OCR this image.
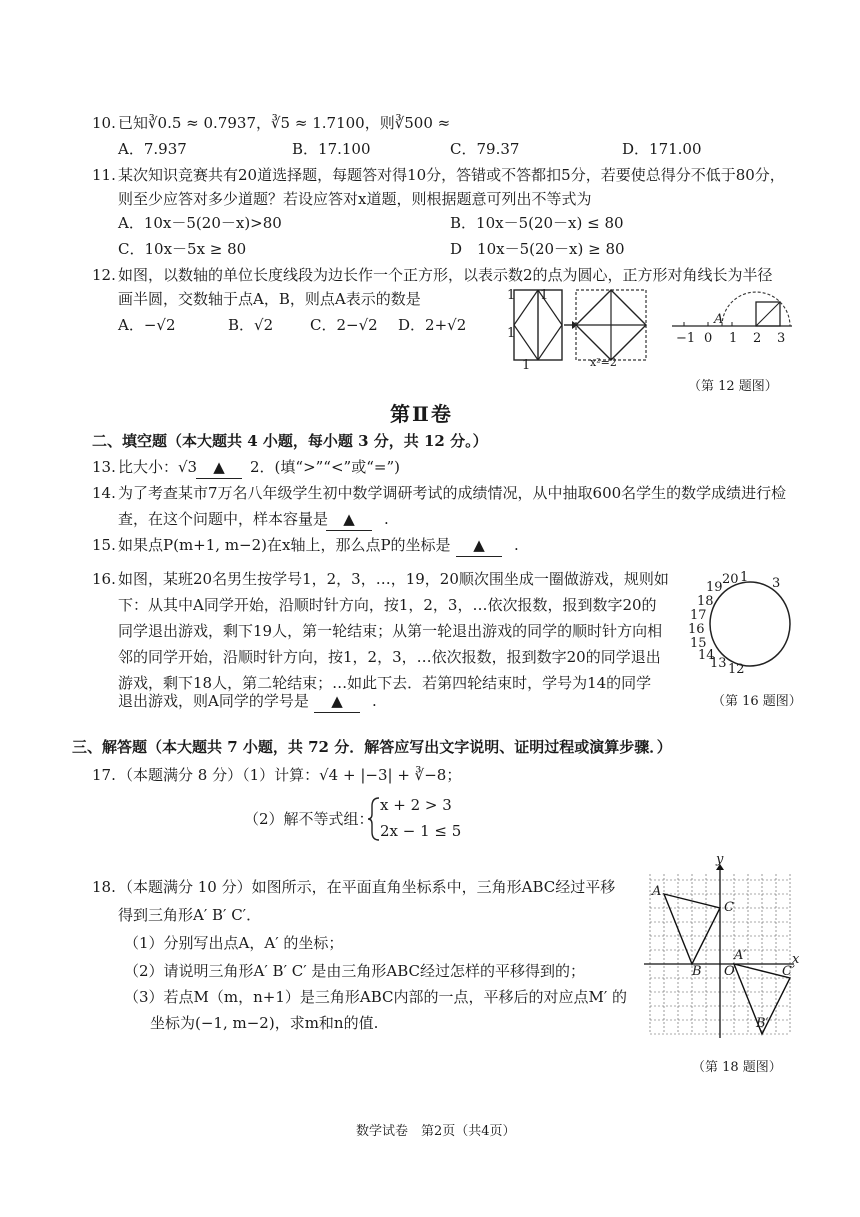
10. 已知∛0.5 ≈ 0.7937，∛5 ≈ 1.7100，则∛500 ≈
A．7.937	B．17.100	C．79.37	D．171.00
11. 某次知识竞赛共有20道选择题，每题答对得10分，答错或不答都扣5分，若要使总得分不低于80分，
则至少应答对多少道题？若设应答对x道题，则根据题意可列出不等式为
A．10x－5(20－x)>80	B．10x－5(20－x) ≤ 80
C．10x－5x ≥ 80	D　10x－5(20－x) ≥ 80
12. 如图，以数轴的单位长度线段为边长作一个正方形，以表示数2的点为圆心，正方形对角线长为半径
画半圆，交数轴于点A，B，则点A表示的数是
A．−√2	B．√2 C．2−√2 D．2+√2
1
1
1
1	x²=2
A
−1 0 1 2 3
（第 12 题图）
第Ⅱ卷
二、填空题（本大题共 4 小题，每小题 3 分，共 12 分。）
13. 比大小：√3	▲	2．(填“>”“<”或“=”)
14. 为了考查某市7万名八年级学生初中数学调研考试的成绩情况，从中抽取600名学生的数学成绩进行检
查，在这个问题中，样本容量是	▲	.
15. 如果点P(m+1, m−2)在x轴上，那么点P的坐标是	▲	.
16. 如图，某班20名男生按学号1，2，3，…，19，20顺次围坐成一圈做游戏，规则如
下：从其中A同学开始，沿顺时针方向，按1，2，3，…依次报数，报到数字20的
同学退出游戏，剩下19人，第一轮结束；从第一轮退出游戏的同学的顺时针方向相
邻的同学开始，沿顺时针方向，按1，2，3，…依次报数，报到数字20的同学退出
游戏，剩下18人，第二轮结束；…如此下去．若第四轮结束时，学号为14的同学
退出游戏，则A同学的学号是	▲	.
19
20 1 3
18
17
16
15
14
13 12
（第 16 题图）
三、解答题（本大题共 7 小题，共 72 分．解答应写出文字说明、证明过程或演算步骤．）
17. （本题满分 8 分）（1）计算：√4 + |−3| + ∛−8；
（2）解不等式组：
x + 2 > 3
2x − 1 ≤ 5
18. （本题满分 10 分）如图所示，在平面直角坐标系中，三角形ABC经过平移
得到三角形A′ B′ C′．
（1）分别写出点A，A′ 的坐标；
（2）请说明三角形A′ B′ C′ 是由三角形ABC经过怎样的平移得到的；
（3）若点M（m，n+1）是三角形ABC内部的一点，平移后的对应点M′ 的
坐标为(−1, m−2)，求m和n的值.
y
A
C
B O
A′
C′
B′
x
（第 18 题图）
数学试卷　第2页（共4页）
